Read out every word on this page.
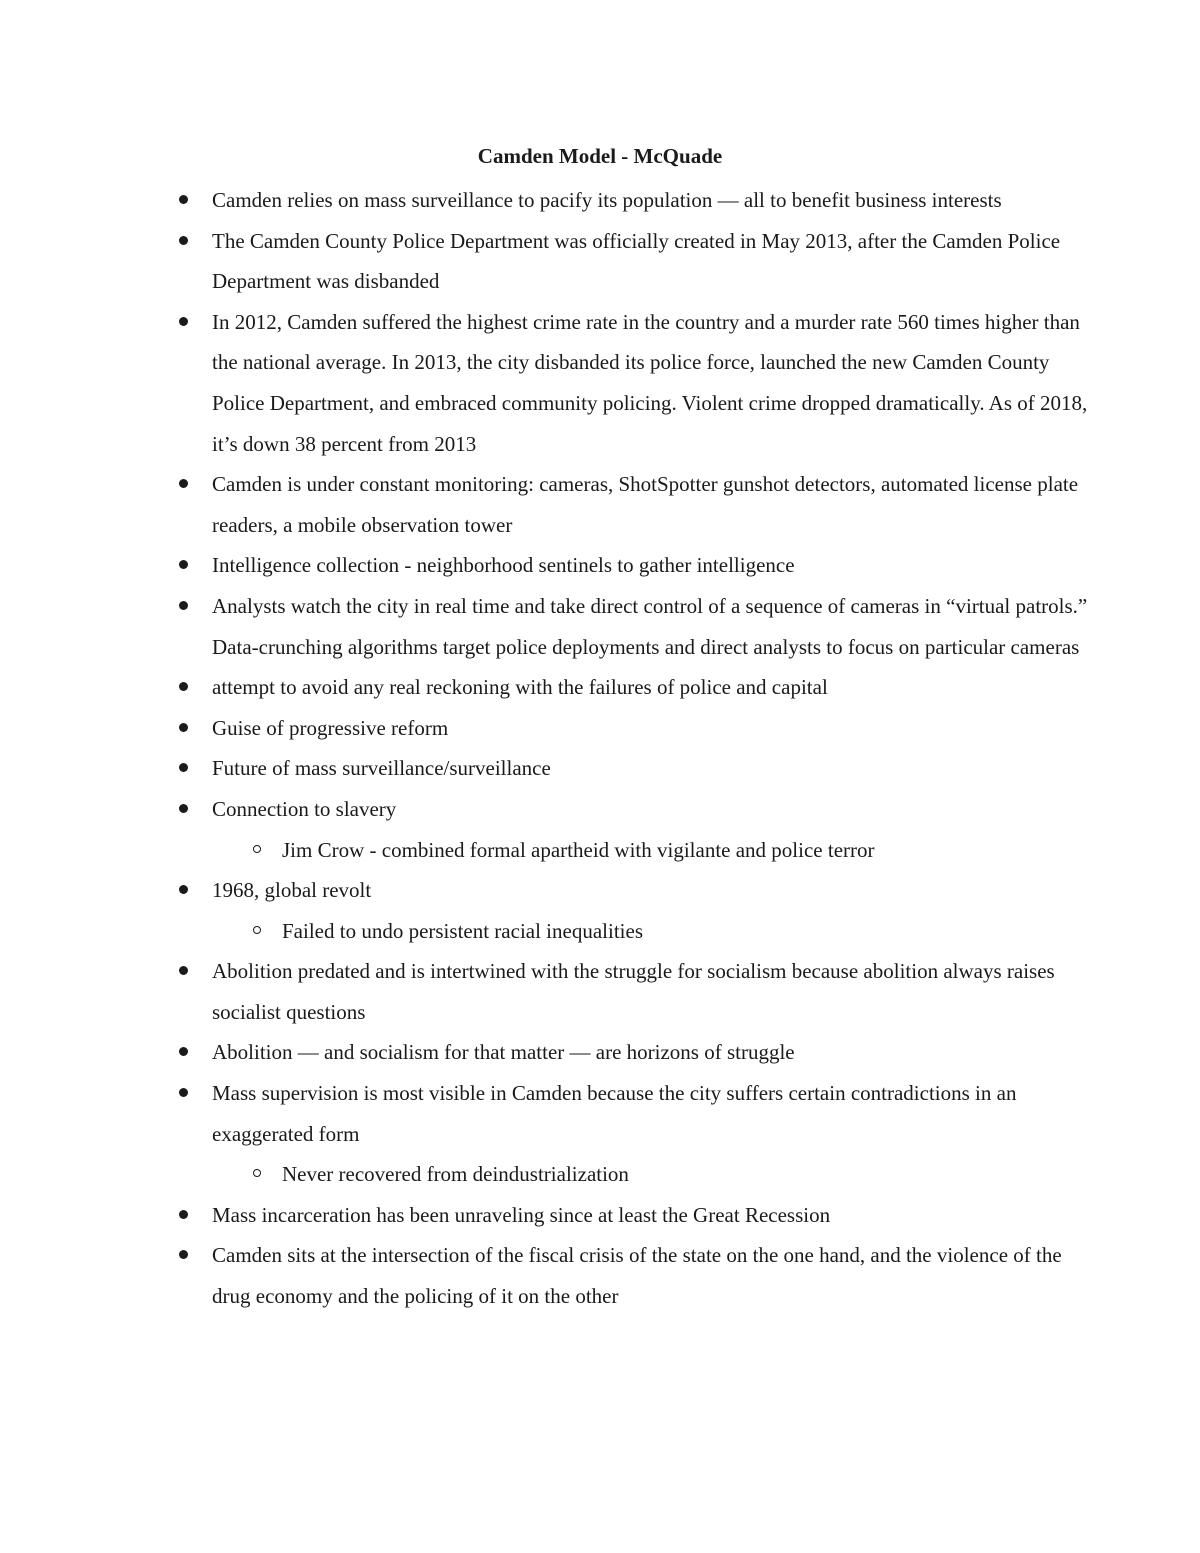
Camden Model - McQuade
Camden relies on mass surveillance to pacify its population — all to benefit business interests
The Camden County Police Department was officially created in May 2013, after the Camden Police Department was disbanded
In 2012, Camden suffered the highest crime rate in the country and a murder rate 560 times higher than the national average. In 2013, the city disbanded its police force, launched the new Camden County Police Department, and embraced community policing. Violent crime dropped dramatically. As of 2018, it’s down 38 percent from 2013
Camden is under constant monitoring: cameras, ShotSpotter gunshot detectors, automated license plate readers, a mobile observation tower
Intelligence collection - neighborhood sentinels to gather intelligence
Analysts watch the city in real time and take direct control of a sequence of cameras in “virtual patrols.” Data-crunching algorithms target police deployments and direct analysts to focus on particular cameras
attempt to avoid any real reckoning with the failures of police and capital
Guise of progressive reform
Future of mass surveillance/surveillance
Connection to slavery
Jim Crow - combined formal apartheid with vigilante and police terror
1968, global revolt
Failed to undo persistent racial inequalities
Abolition predated and is intertwined with the struggle for socialism because abolition always raises socialist questions
Abolition — and socialism for that matter — are horizons of struggle
Mass supervision is most visible in Camden because the city suffers certain contradictions in an exaggerated form
Never recovered from deindustrialization
Mass incarceration has been unraveling since at least the Great Recession
Camden sits at the intersection of the fiscal crisis of the state on the one hand, and the violence of the drug economy and the policing of it on the other
